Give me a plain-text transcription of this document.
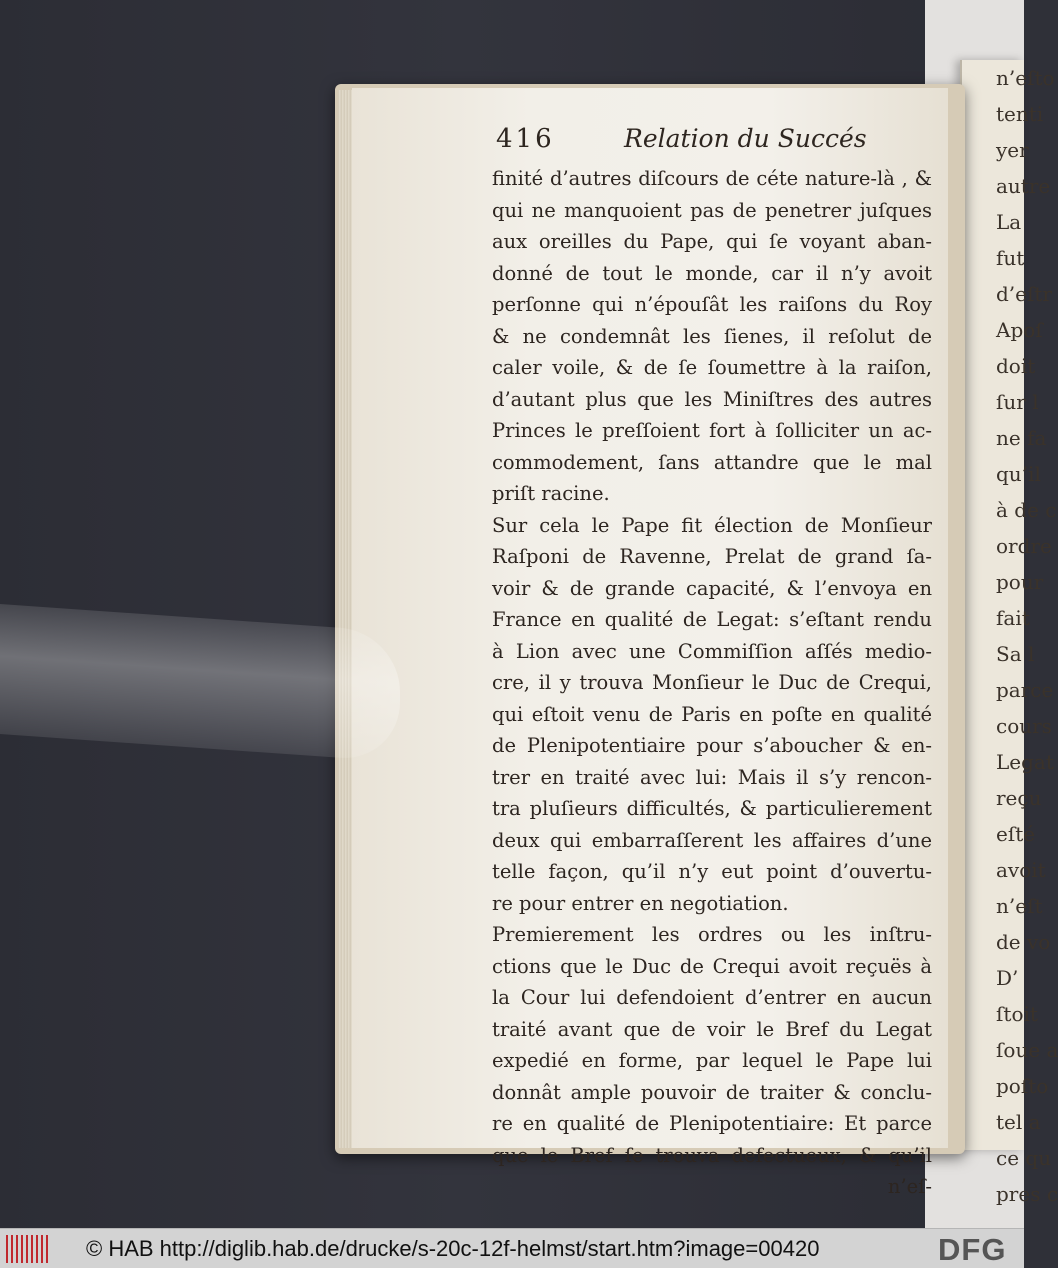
n’eſto
tenti
yer
autre
La
fut
d’eſtr
Apoſ
doit
ſur l
ne fa
qu’il
à de c
ordre
pour
fait
Sa l
parce
cours
Legat
reçu
eſté
avoit
n’eſt
de vo
D’
ſtoit
ſoue a
poſto
tel a
ce qu
pres c
416	Relation du Succés
finité d’autres diſcours de céte nature-là , &
qui ne manquoient pas de penetrer juſques
aux oreilles du Pape, qui ſe voyant aban-
donné de tout le monde, car il n’y avoit
perſonne qui n’épouſât les raiſons du Roy
& ne condemnât les ſienes, il reſolut de
caler voile, & de ſe ſoumettre à la raiſon,
d’autant plus que les Miniſtres des autres
Princes le preſſoient fort à ſolliciter un ac-
commodement, ſans attandre que le mal
priſt racine.
Sur cela le Pape fit élection de Monſieur
Raſponi de Ravenne, Prelat de grand ſa-
voir & de grande capacité, & l’envoya en
France en qualité de Legat: s’eſtant rendu
à Lion avec une Commiſſion aſſés medio-
cre, il y trouva Monſieur le Duc de Crequi,
qui eſtoit venu de Paris en poſte en qualité
de Plenipotentiaire pour s’aboucher & en-
trer en traité avec lui: Mais il s’y rencon-
tra pluſieurs difficultés, & particulierement
deux qui embarraſſerent les affaires d’une
telle façon, qu’il n’y eut point d’ouvertu-
re pour entrer en negotiation.
Premierement les ordres ou les inſtru-
ctions que le Duc de Crequi avoit reçuës à
la Cour lui defendoient d’entrer en aucun
traité avant que de voir le Bref du Legat
expedié en forme, par lequel le Pape lui
donnât ample pouvoir de traiter & conclu-
re en qualité de Plenipotentiaire: Et parce
que le Bref ſe trouva defectueux, & qu’il
n’eſ-
© HAB http://diglib.hab.de/drucke/s-20c-12f-helmst/start.htm?image=00420	DFG
